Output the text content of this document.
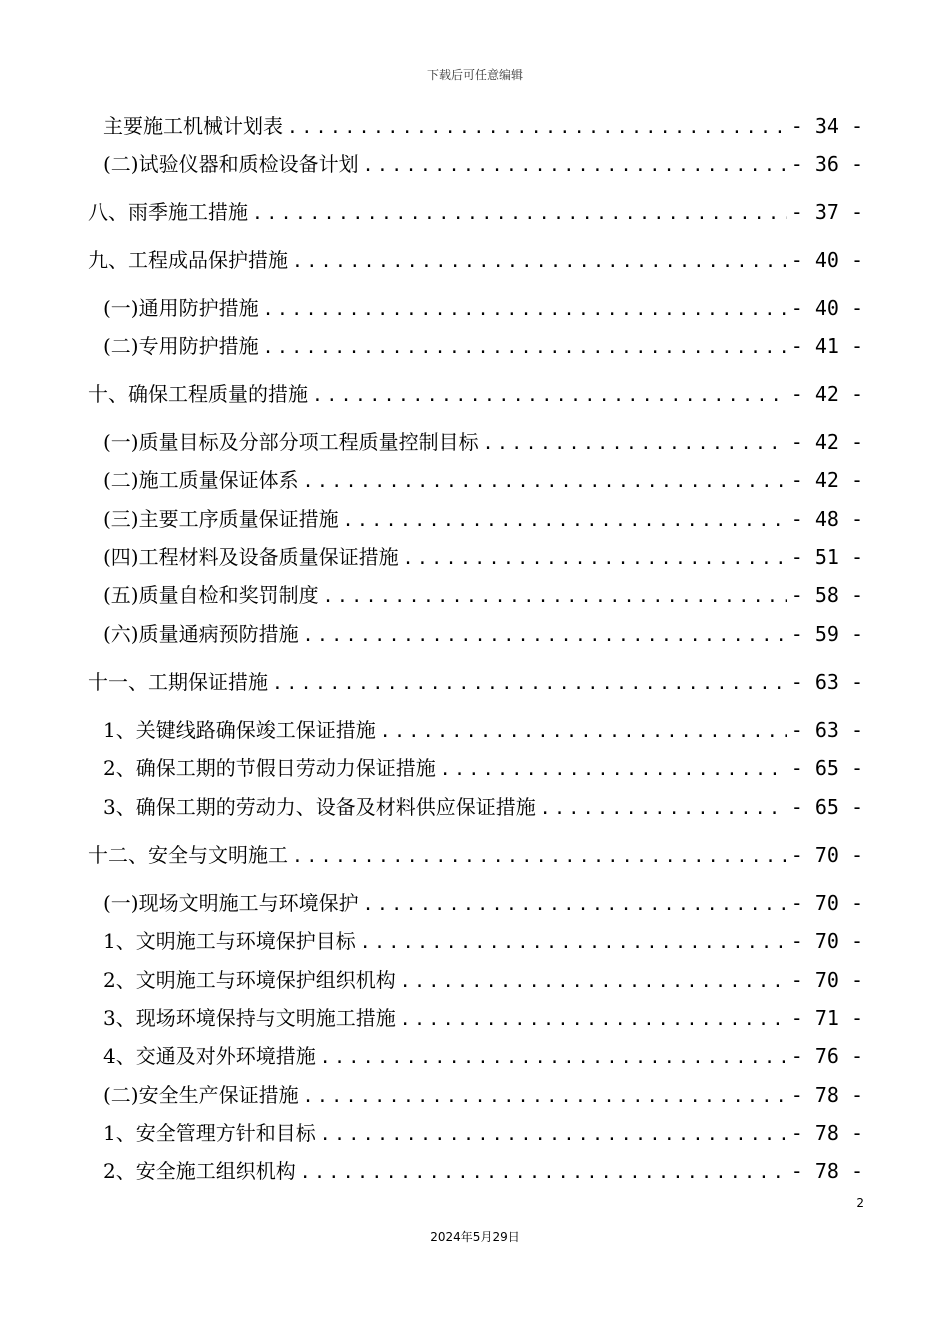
下载后可任意编辑
主要施工机械计划表 .....	- 34 -
(二)试验仪器和质检设备计划 .....	- 36 -
八、雨季施工措施 .....	- 37 -
九、工程成品保护措施 .....	- 40 -
(一)通用防护措施 .....	- 40 -
(二)专用防护措施 .....	- 41 -
十、确保工程质量的措施 .....	- 42 -
(一)质量目标及分部分项工程质量控制目标 .....	- 42 -
(二)施工质量保证体系 .....	- 42 -
(三)主要工序质量保证措施 .....	- 48 -
(四)工程材料及设备质量保证措施 .....	- 51 -
(五)质量自检和奖罚制度 .....	- 58 -
(六)质量通病预防措施 .....	- 59 -
十一、工期保证措施 .....	- 63 -
1、关键线路确保竣工保证措施 .....	- 63 -
2、确保工期的节假日劳动力保证措施 .....	- 65 -
3、确保工期的劳动力、设备及材料供应保证措施 .....	- 65 -
十二、安全与文明施工 .....	- 70 -
(一)现场文明施工与环境保护 .....	- 70 -
1、文明施工与环境保护目标 .....	- 70 -
2、文明施工与环境保护组织机构 .....	- 70 -
3、现场环境保持与文明施工措施 .....	- 71 -
4、交通及对外环境措施 .....	- 76 -
(二)安全生产保证措施 .....	- 78 -
1、安全管理方针和目标 .....	- 78 -
2、安全施工组织机构 .....	- 78 -
2
2024年5月29日
